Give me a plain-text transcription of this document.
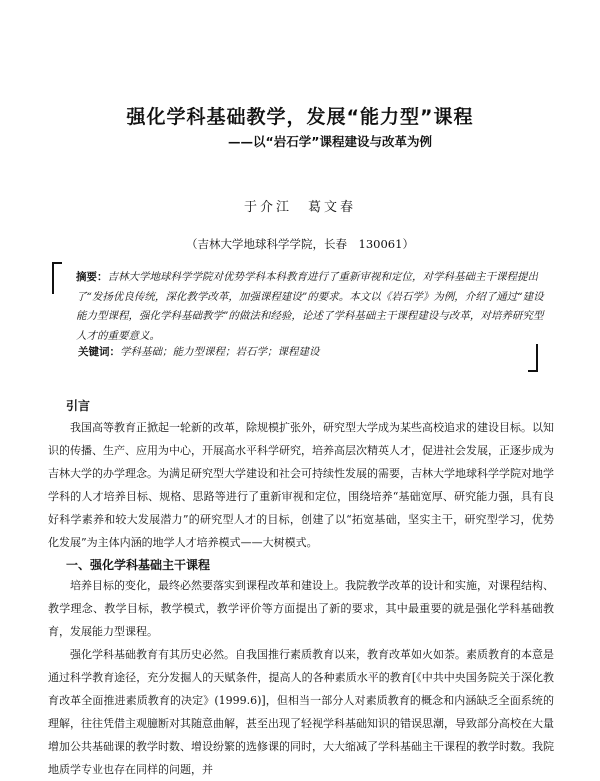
强化学科基础教学，发展“能力型”课程
——以“岩石学”课程建设与改革为例
于介江　葛文春
（吉林大学地球科学学院，长春　130061）
摘要：吉林大学地球科学学院对优势学科本科教育进行了重新审视和定位，对学科基础主干课程提出了“发扬优良传统，深化教学改革，加强课程建设”的要求。本文以《岩石学》为例，介绍了通过“建设能力型课程，强化学科基础教学”的做法和经验，论述了学科基础主干课程建设与改革，对培养研究型人才的重要意义。
关键词：学科基础；能力型课程；岩石学；课程建设
引言
我国高等教育正掀起一轮新的改革，除规模扩张外，研究型大学成为某些高校追求的建设目标。以知识的传播、生产、应用为中心，开展高水平科学研究，培养高层次精英人才，促进社会发展，正逐步成为吉林大学的办学理念。为满足研究型大学建设和社会可持续性发展的需要，吉林大学地球科学学院对地学学科的人才培养目标、规格、思路等进行了重新审视和定位，围绕培养“基础宽厚、研究能力强，具有良好科学素养和较大发展潜力”的研究型人才的目标，创建了以“拓宽基础，坚实主干，研究型学习，优势化发展”为主体内涵的地学人才培养模式——大树模式。
一、强化学科基础主干课程
培养目标的变化，最终必然要落实到课程改革和建设上。我院教学改革的设计和实施，对课程结构、教学理念、教学目标，教学模式，教学评价等方面提出了新的要求，其中最重要的就是强化学科基础教育，发展能力型课程。
强化学科基础教育有其历史必然。自我国推行素质教育以来，教育改革如火如荼。素质教育的本意是通过科学教育途径，充分发掘人的天赋条件，提高人的各种素质水平的教育[《中共中央国务院关于深化教育改革全面推进素质教育的决定》(1999.6)]，但相当一部分人对素质教育的概念和内涵缺乏全面系统的理解，往往凭借主观臆断对其随意曲解，甚至出现了轻视学科基础知识的错误思潮，导致部分高校在大量增加公共基础课的教学时数、增设纷繁的选修课的同时，大大缩减了学科基础主干课程的教学时数。我院地质学专业也存在同样的问题，并
